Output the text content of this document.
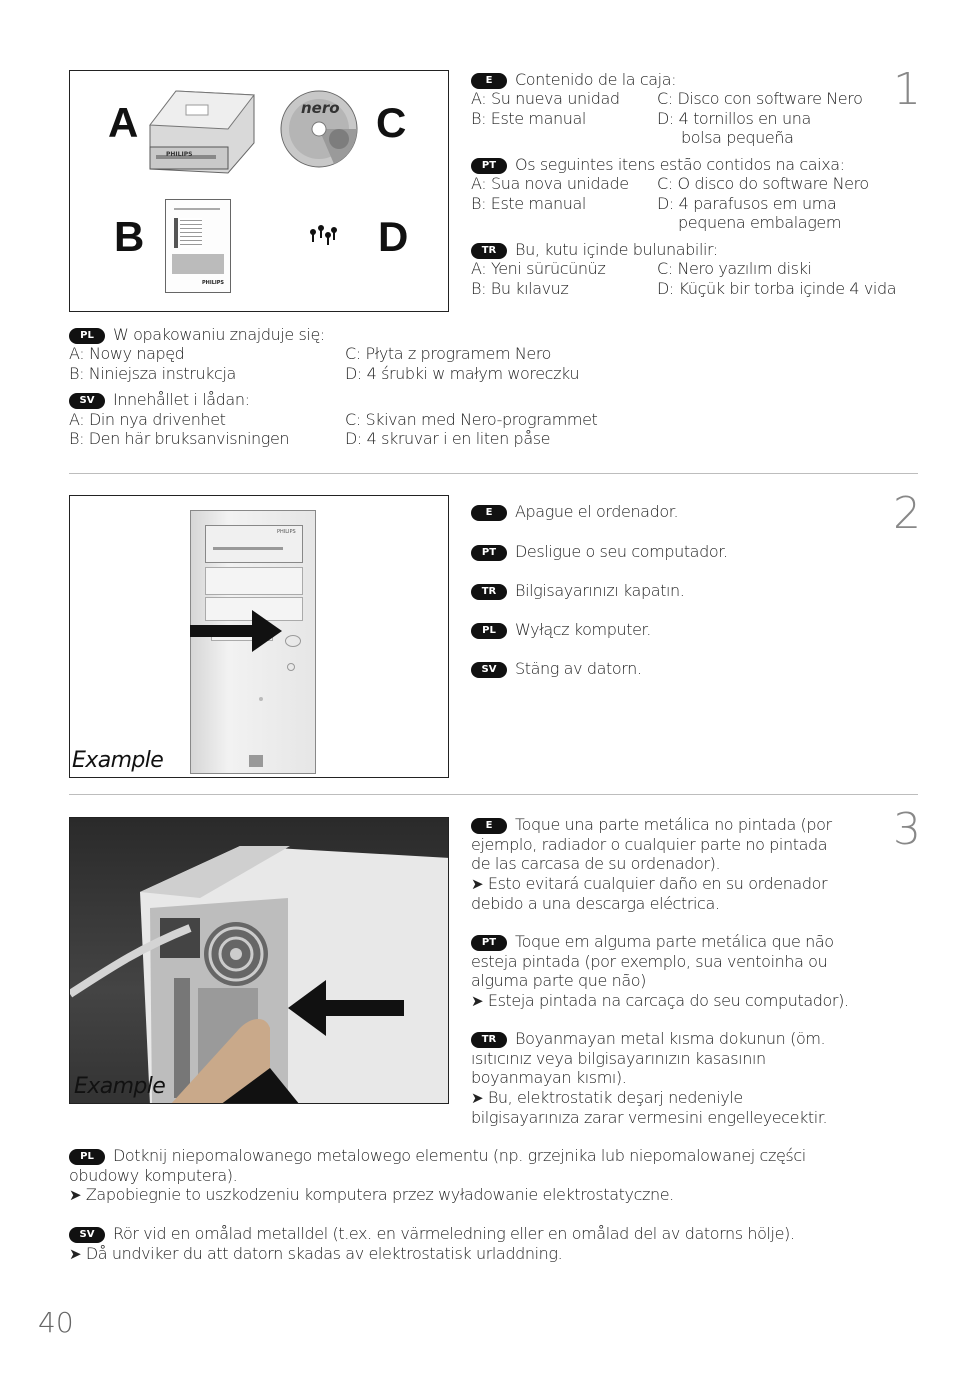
A	C
B	D
PHILIPS
nero
PHILIPS
1
E Contenido de la caja:
A: Su nueva unidad
B: Este manual
C: Disco con software Nero
D: 4 tornillos en una
bolsa pequeña
PT Os seguintes itens estão contidos na caixa:
A: Sua nova unidade
B: Este manual
C: O disco do software Nero
D: 4 parafusos em uma
pequena embalagem
TR Bu, kutu içinde bulunabilir:
A: Yeni sürücünüz
B: Bu kılavuz
C: Nero yazılım diski
D: Küçük bir torba içinde 4 vida
PL W opakowaniu znajduje się:
A: Nowy napęd
B: Niniejsza instrukcja
C: Płyta z programem Nero
D: 4 śrubki w małym woreczku
SV Innehållet i lådan:
A: Din nya drivenhet
B: Den här bruksanvisningen
C: Skivan med Nero-programmet
D: 4 skruvar i en liten påse
PHILIPS
Example
2
E Apague el ordenador.
PT Desligue o seu computador.
TR Bilgisayarınızı kapatın.
PL Wyłącz komputer.
SV Stäng av datorn.
Example
3
E Toque una parte metálica no pintada (por ejemplo, radiador o cualquier parte no pintada de las carcasa de su ordenador).
➤ Esto evitará cualquier daño en su ordenador debido a una descarga eléctrica.
PT Toque em alguma parte metálica que não esteja pintada (por exemplo, sua ventoinha ou alguma parte que não)
➤ Esteja pintada na carcaça do seu computador).
TR Boyanmayan metal kısma dokunun (öm. ısıtıcınız veya bilgisayarınızın kasasının boyanmayan kısmı).
➤ Bu, elektrostatik deşarj nedeniyle bilgisayarınıza zarar vermesini engelleyecektir.
PL Dotknij niepomalowanego metalowego elementu (np. grzejnika lub niepomalowanej części obudowy komputera).
➤ Zapobiegnie to uszkodzeniu komputera przez wyładowanie elektrostatyczne.
SV Rör vid en omålad metalldel (t.ex. en värmeledning eller en omålad del av datorns hölje).
➤ Då undviker du att datorn skadas av elektrostatisk urladdning.
40
